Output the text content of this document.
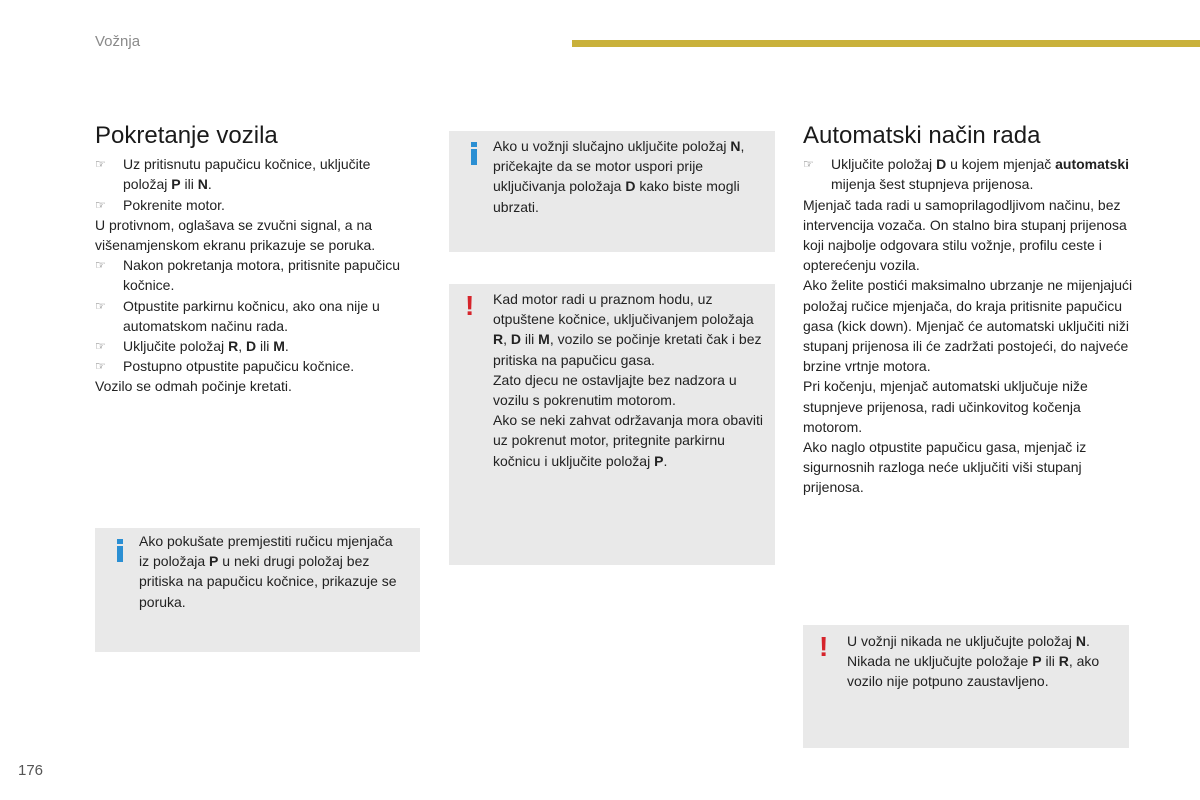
Vožnja
Pokretanje vozila

☞	Uz pritisnutu papučicu kočnice, uključite položaj P ili N.

☞	Pokrenite motor.

U protivnom, oglašava se zvučni signal, a na višenamjenskom ekranu prikazuje se poruka.

☞	Nakon pokretanja motora, pritisnite papučicu kočnice.

☞	Otpustite parkirnu kočnicu, ako ona nije u automatskom načinu rada.

☞	Uključite položaj R, D ili M.

☞	Postupno otpustite papučicu kočnice.

Vozilo se odmah počinje kretati.

Ako pokušate premjestiti ručicu mjenjača iz položaja P u neki drugi položaj bez pritiska na papučicu kočnice, prikazuje se poruka.
Ako u vožnji slučajno uključite položaj N, pričekajte da se motor uspori prije uključivanja položaja D kako biste mogli ubrzati.
! Kad motor radi u praznom hodu, uz otpuštene kočnice, uključivanjem položaja R, D ili M, vozilo se počinje kretati čak i bez pritiska na papučicu gasa.
Zato djecu ne ostavljajte bez nadzora u vozilu s pokrenutim motorom.
Ako se neki zahvat održavanja mora obaviti uz pokrenut motor, pritegnite parkirnu kočnicu i uključite položaj P.
Automatski način rada

☞	Uključite položaj D u kojem mjenjač automatski mijenja šest stupnjeva prijenosa.

Mjenjač tada radi u samoprilagodljivom načinu, bez intervencija vozača. On stalno bira stupanj prijenosa koji najbolje odgovara stilu vožnje, profilu ceste i opterećenju vozila.

Ako želite postići maksimalno ubrzanje ne mijenjajući položaj ručice mjenjača, do kraja pritisnite papučicu gasa (kick down). Mjenjač će automatski uključiti niži stupanj prijenosa ili će zadržati postojeći, do najveće brzine vrtnje motora.

Pri kočenju, mjenjač automatski uključuje niže stupnjeve prijenosa, radi učinkovitog kočenja motorom.

Ako naglo otpustite papučicu gasa, mjenjač iz sigurnosnih razloga neće uključiti viši stupanj prijenosa.

! U vožnji nikada ne uključujte položaj N.
Nikada ne uključujte položaje P ili R, ako vozilo nije potpuno zaustavljeno.
176
